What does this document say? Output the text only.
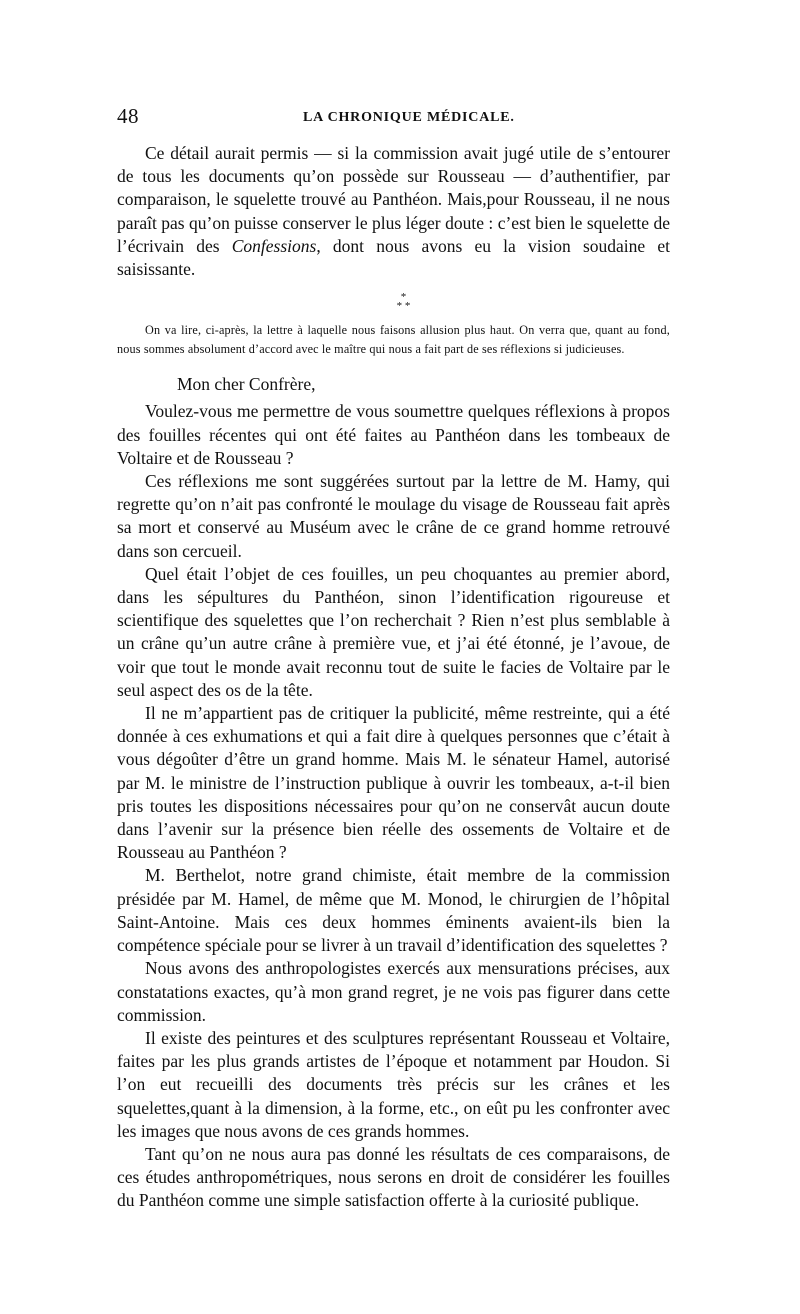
48	LA CHRONIQUE MÉDICALE.

Ce détail aurait permis — si la commission avait jugé utile de s’entourer de tous les documents qu’on possède sur Rousseau — d’authentifier, par comparaison, le squelette trouvé au Panthéon. Mais,pour Rousseau, il ne nous paraît pas qu’on puisse conserver le plus léger doute : c’est bien le squelette de l’écrivain des Confessions, dont nous avons eu la vision soudaine et saisissante.

*
* *

On va lire, ci-après, la lettre à laquelle nous faisons allusion plus haut. On verra que, quant au fond, nous sommes absolument d’accord avec le maître qui nous a fait part de ses réflexions si judicieuses.

Mon cher Confrère,

Voulez-vous me permettre de vous soumettre quelques réflexions à propos des fouilles récentes qui ont été faites au Panthéon dans les tombeaux de Voltaire et de Rousseau ?

Ces réflexions me sont suggérées surtout par la lettre de M. Hamy, qui regrette qu’on n’ait pas confronté le moulage du visage de Rousseau fait après sa mort et conservé au Muséum avec le crâne de ce grand homme retrouvé dans son cercueil.

Quel était l’objet de ces fouilles, un peu choquantes au premier abord, dans les sépultures du Panthéon, sinon l’identification rigoureuse et scientifique des squelettes que l’on recherchait ? Rien n’est plus semblable à un crâne qu’un autre crâne à première vue, et j’ai été étonné, je l’avoue, de voir que tout le monde avait reconnu tout de suite le facies de Voltaire par le seul aspect des os de la tête.

Il ne m’appartient pas de critiquer la publicité, même restreinte, qui a été donnée à ces exhumations et qui a fait dire à quelques personnes que c’était à vous dégoûter d’être un grand homme. Mais M. le sénateur Hamel, autorisé par M. le ministre de l’instruction publique à ouvrir les tombeaux, a-t-il bien pris toutes les dispositions nécessaires pour qu’on ne conservât aucun doute dans l’avenir sur la présence bien réelle des ossements de Voltaire et de Rousseau au Panthéon ?

M. Berthelot, notre grand chimiste, était membre de la commission présidée par M. Hamel, de même que M. Monod, le chirurgien de l’hôpital Saint-Antoine. Mais ces deux hommes éminents avaient-ils bien la compétence spéciale pour se livrer à un travail d’identification des squelettes ?

Nous avons des anthropologistes exercés aux mensurations précises, aux constatations exactes, qu’à mon grand regret, je ne vois pas figurer dans cette commission.

Il existe des peintures et des sculptures représentant Rousseau et Voltaire, faites par les plus grands artistes de l’époque et notamment par Houdon. Si l’on eut recueilli des documents très précis sur les crânes et les squelettes,quant à la dimension, à la forme, etc., on eût pu les confronter avec les images que nous avons de ces grands hommes.

Tant qu’on ne nous aura pas donné les résultats de ces comparaisons, de ces études anthropométriques, nous serons en droit de considérer les fouilles du Panthéon comme une simple satisfaction offerte à la curiosité publique.
